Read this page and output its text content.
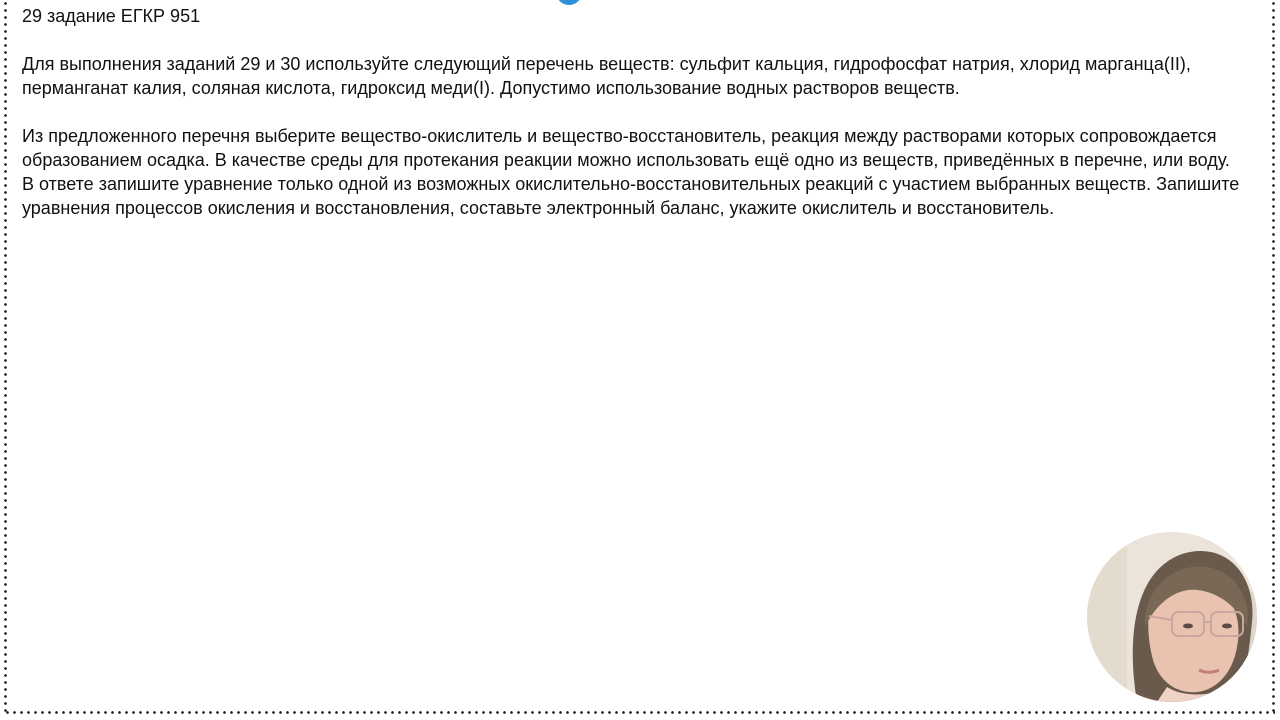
29 задание ЕГКР 951

Для выполнения заданий 29 и 30 используйте следующий перечень веществ: сульфит кальция, гидрофосфат натрия, хлорид марганца(II), перманганат калия, соляная кислота, гидроксид меди(I). Допустимо использование водных растворов веществ.

Из предложенного перечня выберите вещество-окислитель и вещество-восстановитель, реакция между растворами которых сопровождается образованием осадка. В качестве среды для протекания реакции можно использовать ещё одно из веществ, приведённых в перечне, или воду.

В ответе запишите уравнение только одной из возможных окислительно-восстановительных реакций с участием выбранных веществ. Запишите уравнения процессов окисления и восстановления, составьте электронный баланс, укажите окислитель и восстановитель.
